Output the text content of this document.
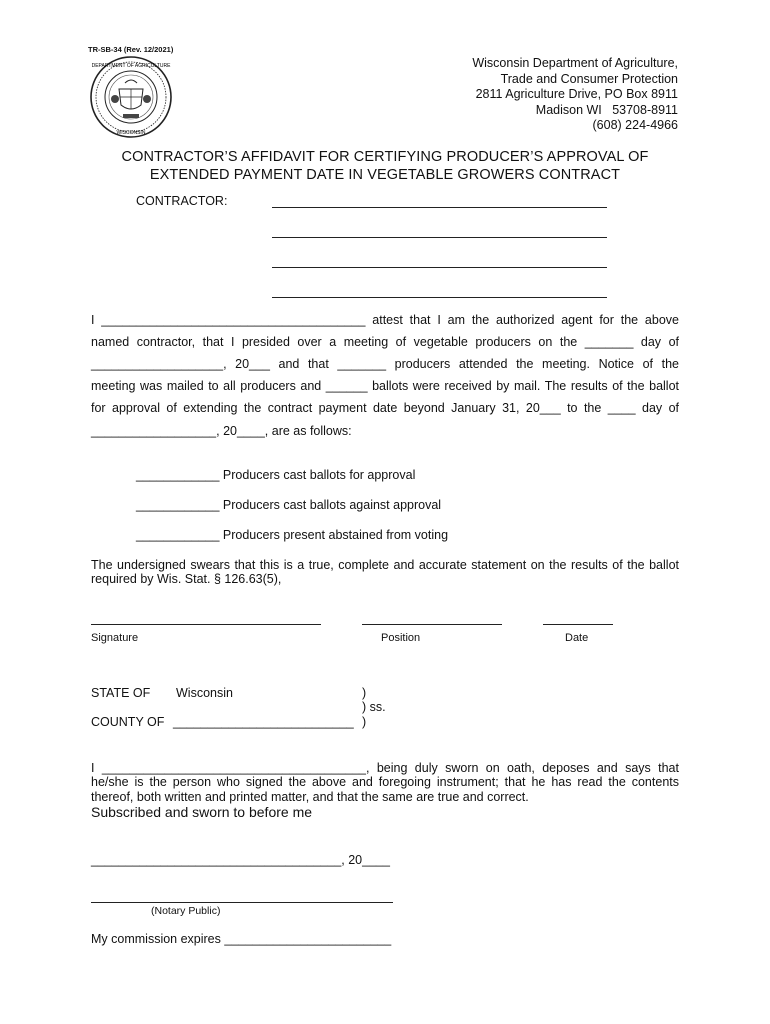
TR-SB-34 (Rev. 12/2021)
DEPARTMENT OF AGRICULTURE
WISCONSIN
Wisconsin Department of Agriculture,
Trade and Consumer Protection
2811 Agriculture Drive, PO Box 8911
Madison WI   53708-8911
(608) 224-4966
CONTRACTOR’S AFFIDAVIT FOR CERTIFYING PRODUCER’S APPROVAL OF
EXTENDED PAYMENT DATE IN VEGETABLE GROWERS CONTRACT
CONTRACTOR:
I ______________________________________ attest that I am the authorized agent for the above
named contractor, that I presided over a meeting of vegetable producers on the _______ day of
___________________, 20___ and that _______ producers attended the meeting. Notice of the
meeting was mailed to all producers and ______ ballots were received by mail. The results of the ballot
for approval of extending the contract payment date beyond January 31, 20___ to the ____ day of
__________________, 20____, are as follows:
____________ Producers cast ballots for approval
____________ Producers cast ballots against approval
____________ Producers present abstained from voting
The undersigned swears that this is a true, complete and accurate statement on the results of the ballot
required by Wis. Stat. § 126.63(5),
Signature	Position	Date
STATE OF Wisconsin	)
) ss.
COUNTY OF __________________________ )
I ______________________________________, being duly sworn on oath, deposes and says that
he/she is the person who signed the above and foregoing instrument; that he has read the contents
thereof, both written and printed matter, and that the same are true and correct.
Subscribed and sworn to before me
____________________________________, 20____
(Notary Public)
My commission expires ________________________
